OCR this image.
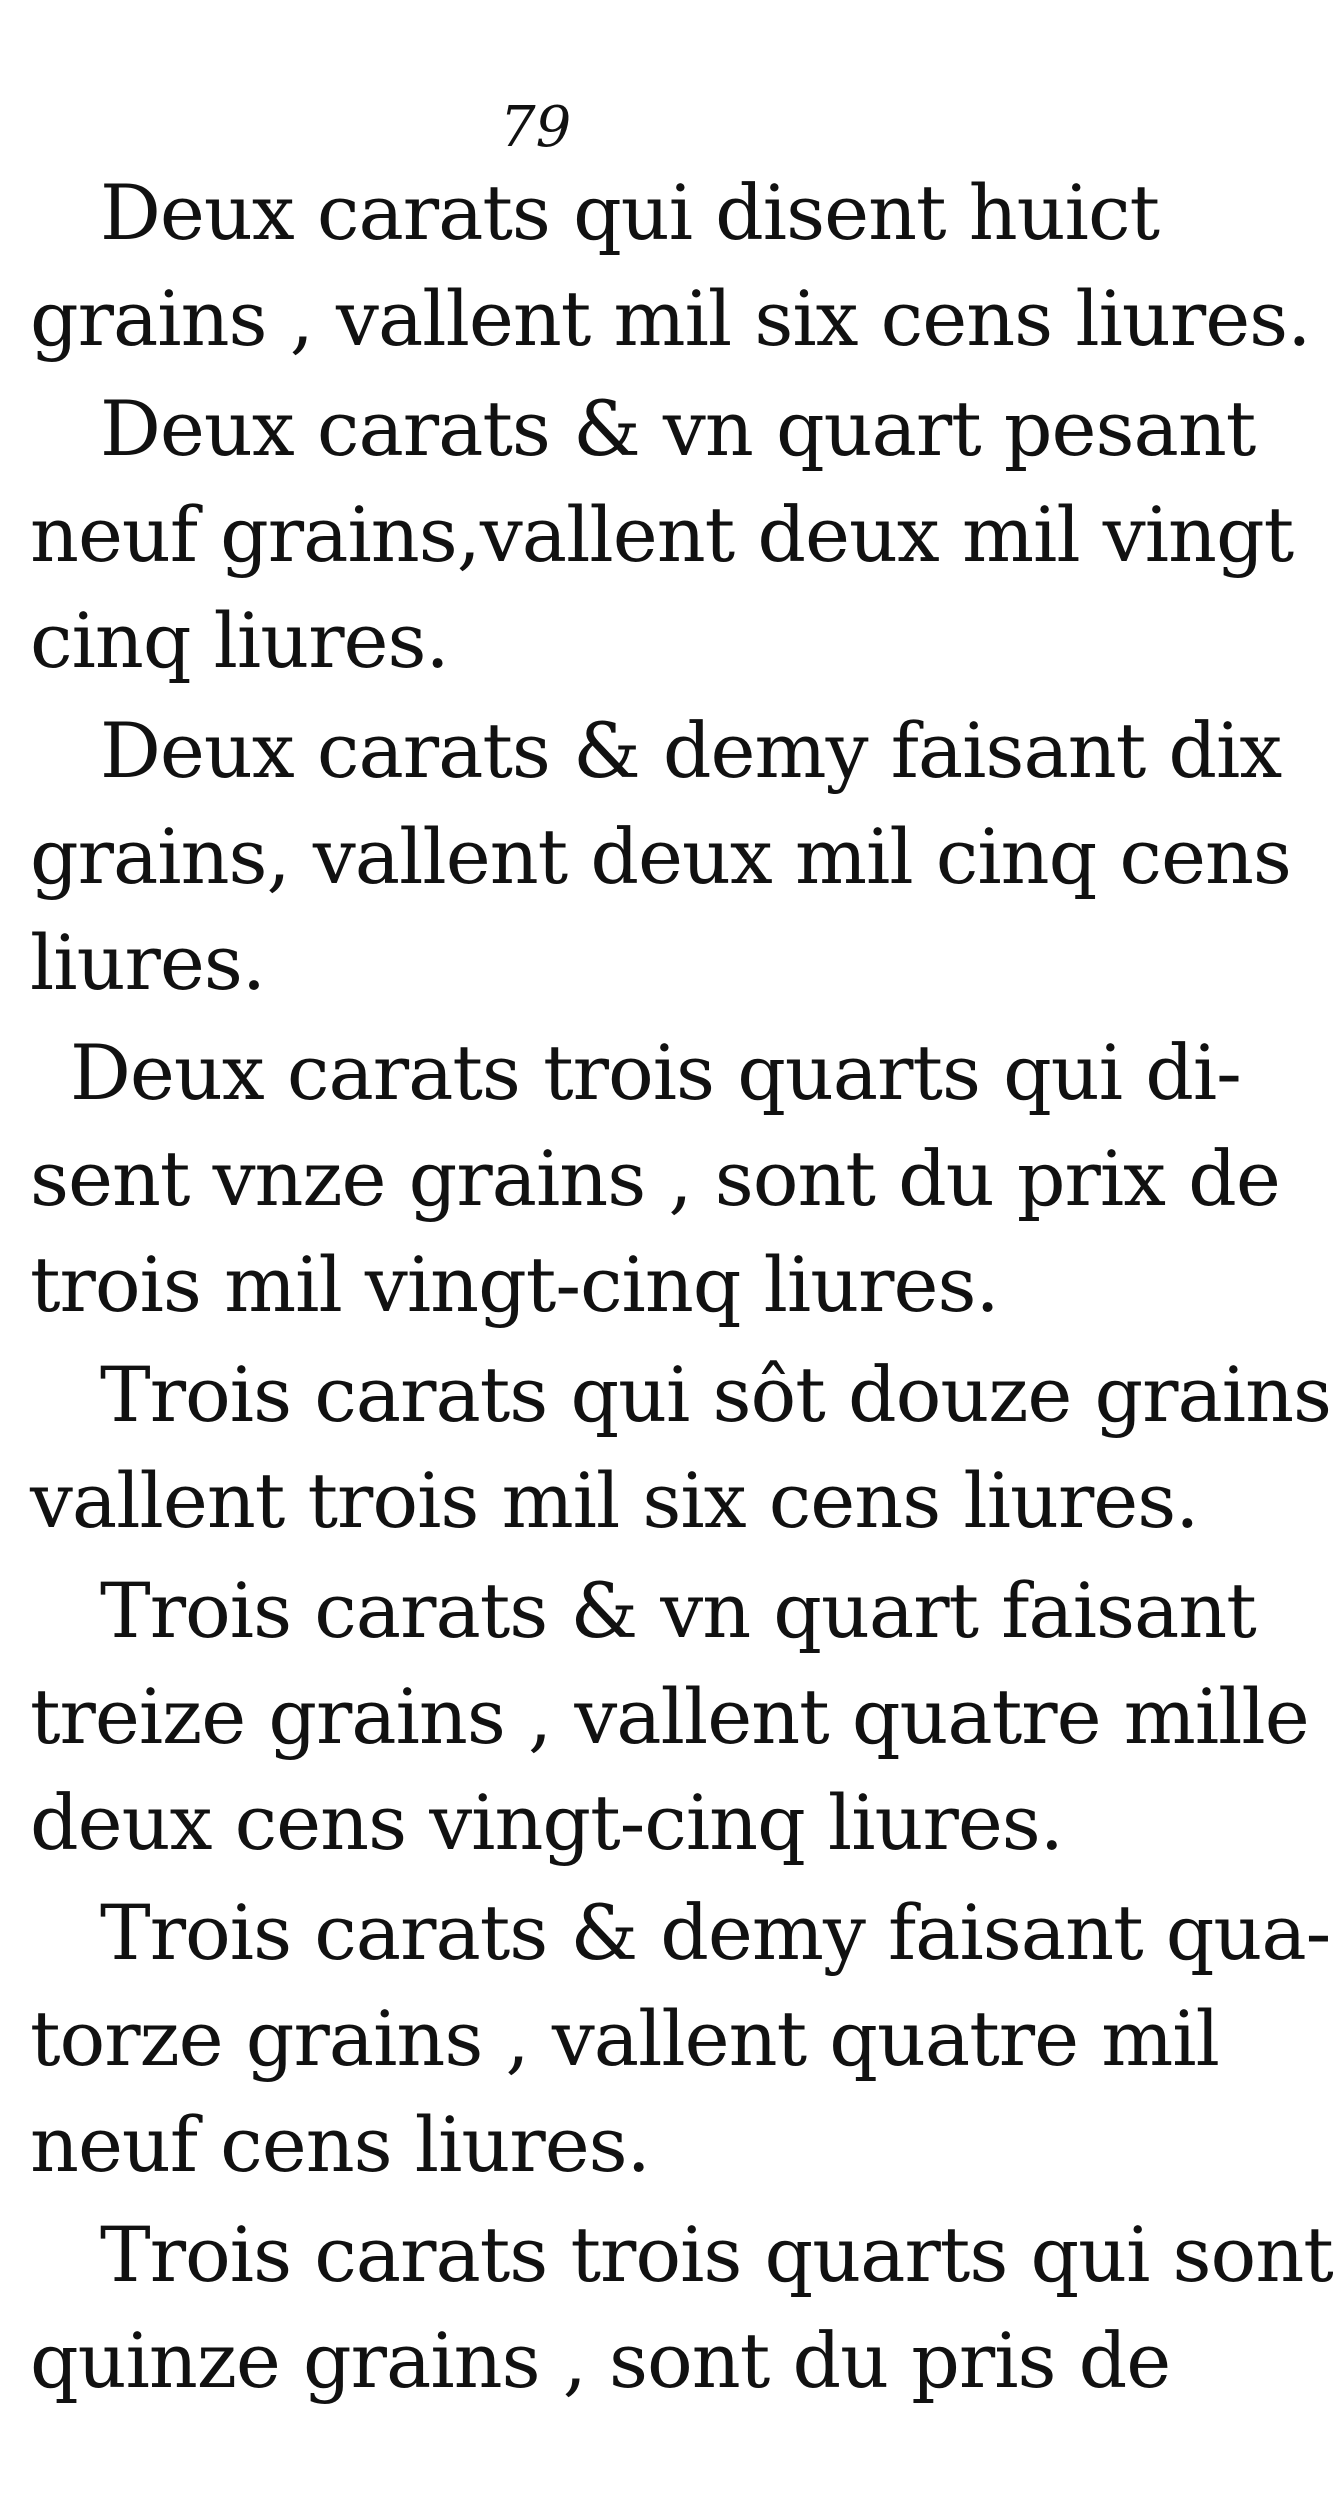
79
Deux carats qui disent huict
grains , vallent mil six cens liures.
Deux carats & vn quart pesant
neuf grains,vallent deux mil vingt
cinq liures.
Deux carats & demy faisant dix
grains, vallent deux mil cinq cens
liures.
Deux carats trois quarts qui di-
sent vnze grains , sont du prix de
trois mil vingt-cinq liures.
Trois carats qui sôt douze grains
vallent trois mil six cens liures.
Trois carats & vn quart faisant
treize grains , vallent quatre mille
deux cens vingt-cinq liures.
Trois carats & demy faisant qua-
torze grains , vallent quatre mil
neuf cens liures.
Trois carats trois quarts qui sont
quinze grains , sont du pris de
